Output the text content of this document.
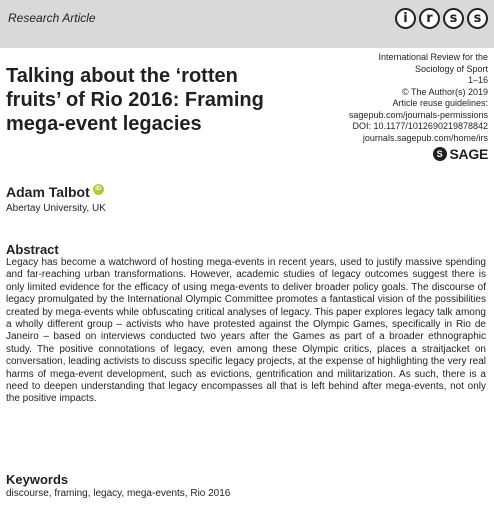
Research Article	i	r	s	s
Talking about the ‘rotten fruits’ of Rio 2016: Framing mega-event legacies
International Review for the
Sociology of Sport
1–16
© The Author(s) 2019
Article reuse guidelines:
sagepub.com/journals-permissions
DOI: 10.1177/1012690219878842
journals.sagepub.com/home/irs
S SAGE
Adam Talbot iD
Abertay University, UK
Abstract
Legacy has become a watchword of hosting mega-events in recent years, used to justify massive spending and far-reaching urban transformations. However, academic studies of legacy outcomes suggest there is only limited evidence for the efficacy of using mega-events to deliver broader policy goals. The discourse of legacy promulgated by the International Olympic Committee promotes a fantastical vision of the possibilities created by mega-events while obfuscating critical analyses of legacy. This paper explores legacy talk among a wholly different group – activists who have protested against the Olympic Games, specifically in Rio de Janeiro – based on interviews conducted two years after the Games as part of a broader ethnographic study. The positive connotations of legacy, even among these Olympic critics, places a straitjacket on conversation, leading activists to discuss specific legacy projects, at the expense of highlighting the very real harms of mega-event development, such as evictions, gentrification and militarization. As such, there is a need to deepen understanding that legacy encompasses all that is left behind after mega-events, not only the positive impacts.
Keywords
discourse, framing, legacy, mega-events, Rio 2016
